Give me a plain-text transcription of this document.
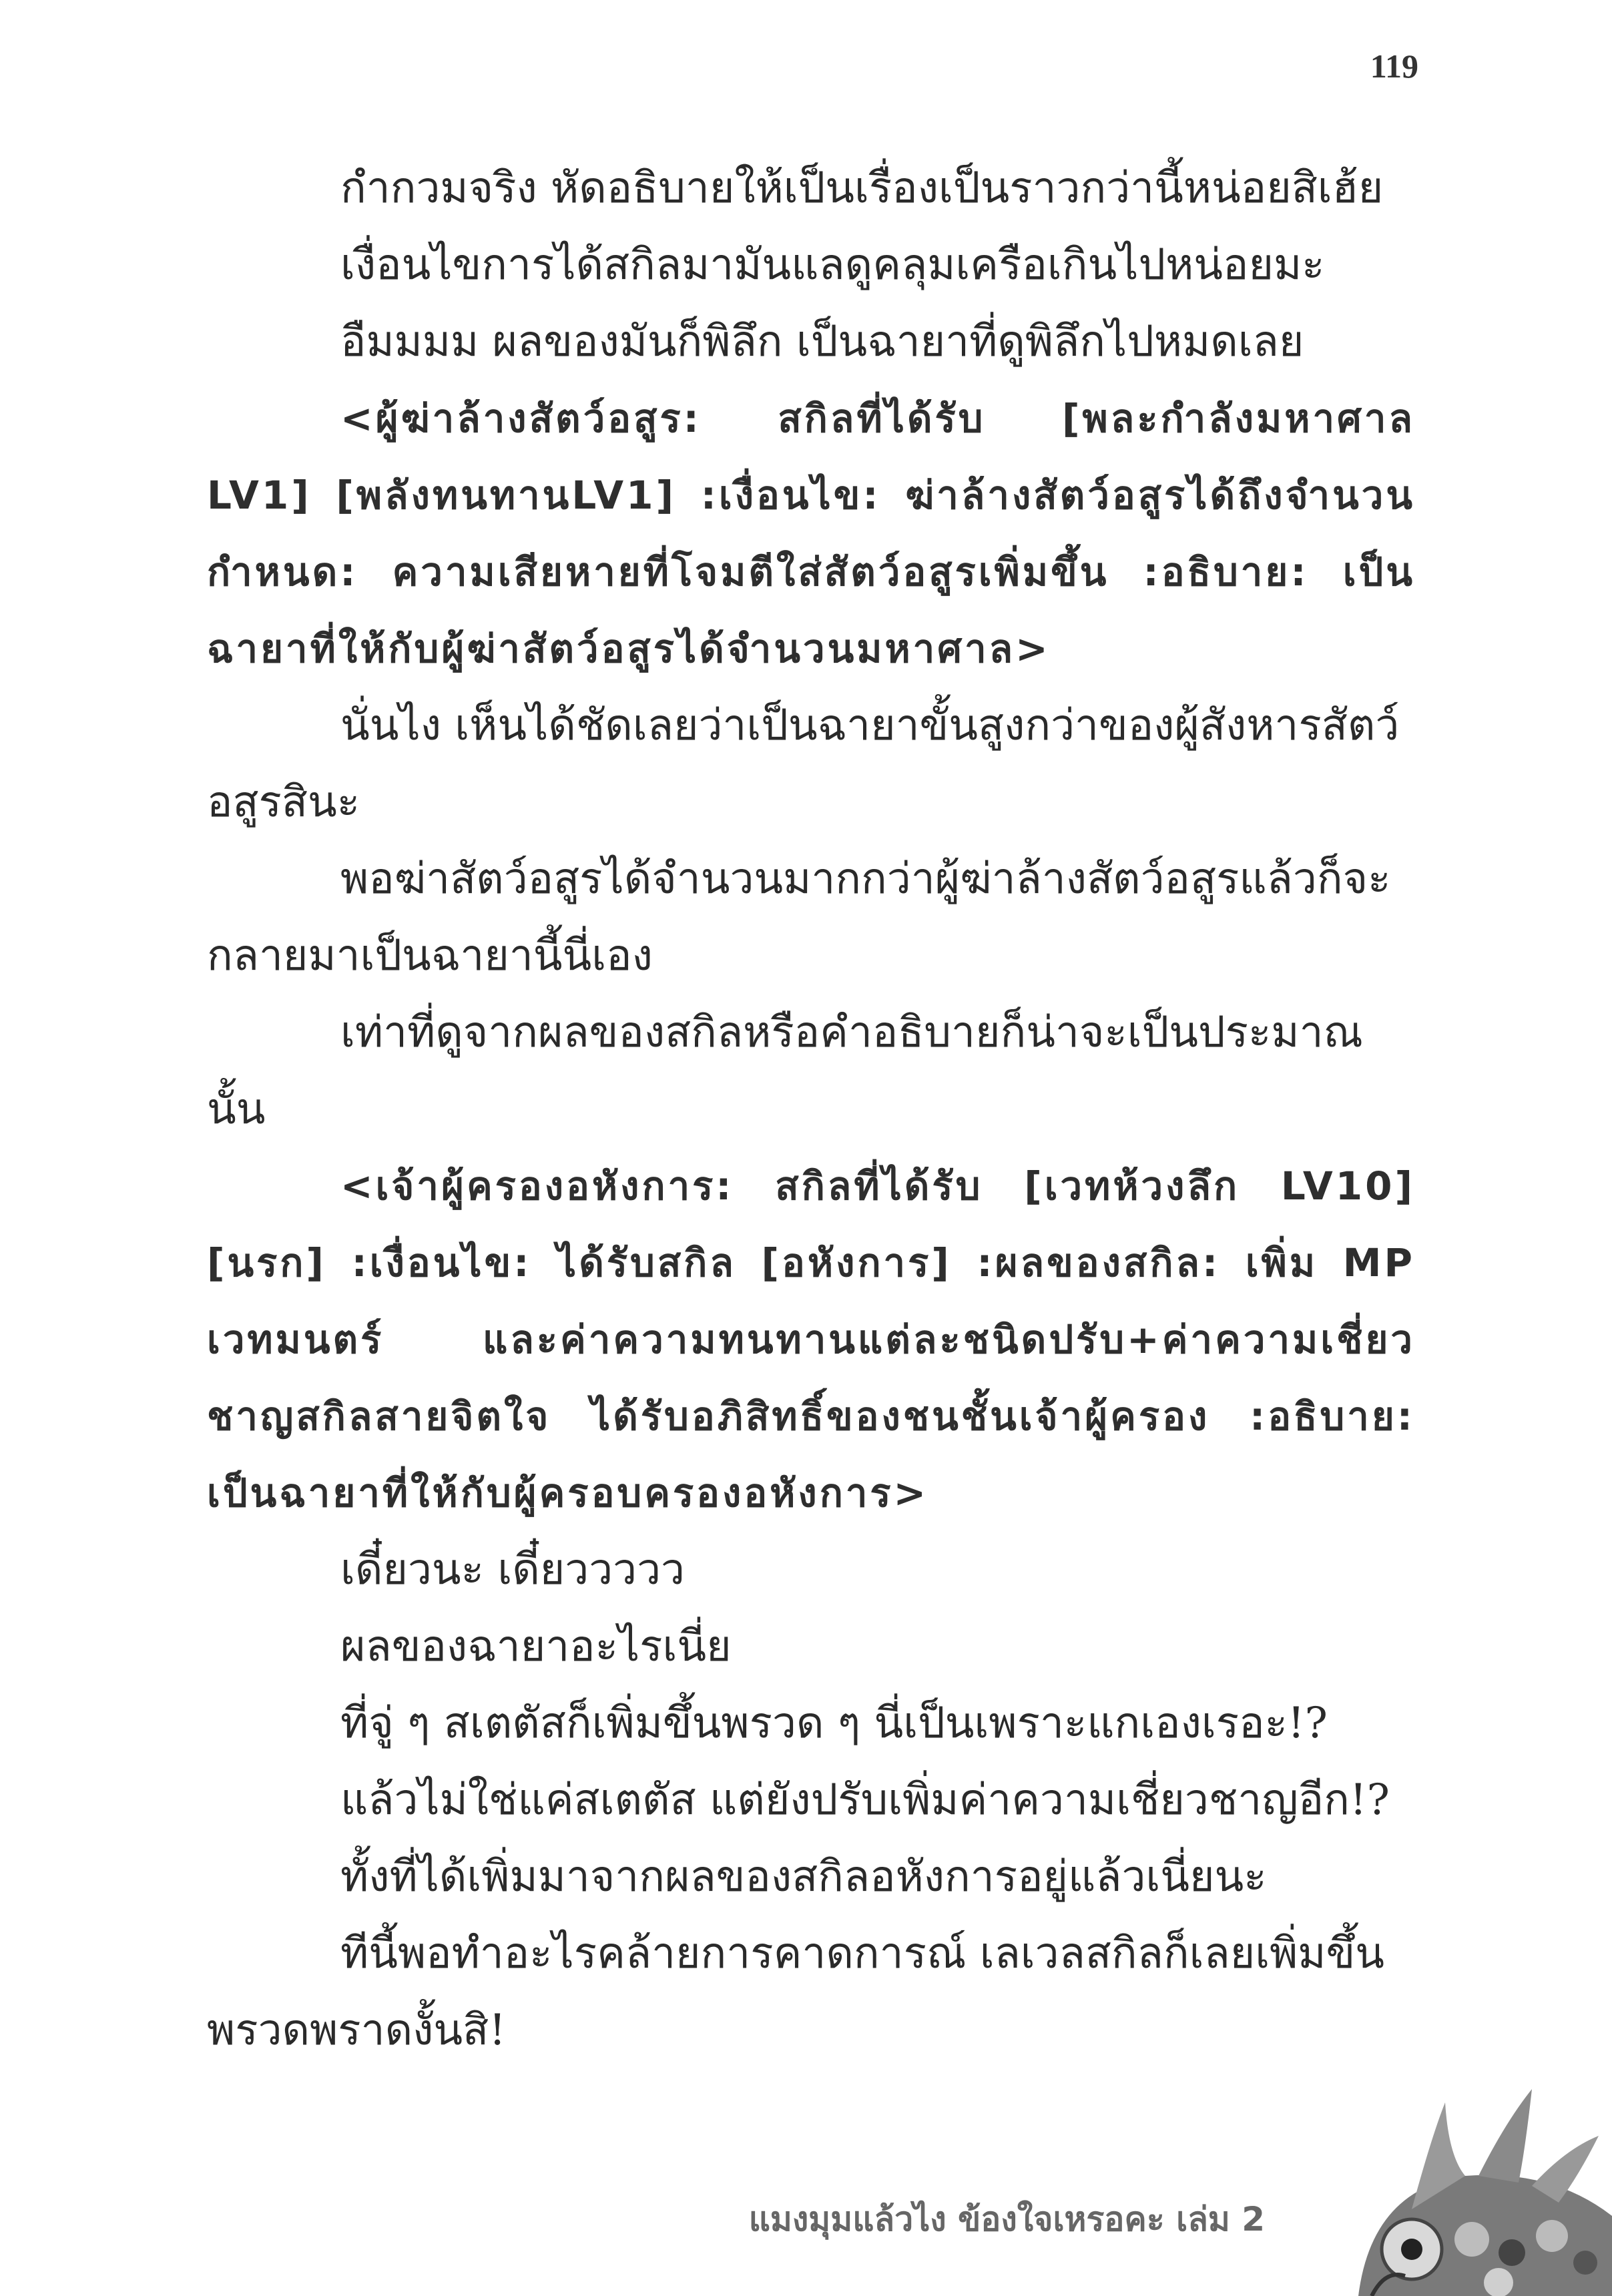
119

กำกวมจริง หัดอธิบายให้เป็นเรื่องเป็นราวกว่านี้หน่อยสิเฮ้ย

เงื่อนไขการได้สกิลมามันแลดูคลุมเครือเกินไปหน่อยมะ

อืมมมม ผลของมันก็พิลึก เป็นฉายาที่ดูพิลึกไปหมดเลย

<ผู้ฆ่าล้างสัตว์อสูร: สกิลที่ได้รับ [พละกำลังมหาศาล LV1] [พลังทนทานLV1] :เงื่อนไข: ฆ่าล้างสัตว์อสูรได้ถึงจำนวนกำหนด: ความเสียหายที่โจมตีใส่สัตว์อสูรเพิ่มขึ้น :อธิบาย: เป็นฉายาที่ให้กับผู้ฆ่าสัตว์อสูรได้จำนวนมหาศาล>

นั่นไง เห็นได้ชัดเลยว่าเป็นฉายาขั้นสูงกว่าของผู้สังหารสัตว์อสูรสินะ

พอฆ่าสัตว์อสูรได้จำนวนมากกว่าผู้ฆ่าล้างสัตว์อสูรแล้วก็จะกลายมาเป็นฉายานี้นี่เอง

เท่าที่ดูจากผลของสกิลหรือคำอธิบายก็น่าจะเป็นประมาณนั้น

<เจ้าผู้ครองอหังการ: สกิลที่ได้รับ [เวทห้วงลึก LV10] [นรก] :เงื่อนไข: ได้รับสกิล [อหังการ] :ผลของสกิล: เพิ่ม MP เวทมนตร์ และค่าความทนทานแต่ละชนิดปรับ+ค่าความเชี่ยวชาญสกิลสายจิตใจ ได้รับอภิสิทธิ์ของชนชั้นเจ้าผู้ครอง :อธิบาย: เป็นฉายาที่ให้กับผู้ครอบครองอหังการ>

เดี๋ยวนะ เดี๋ยววววว

ผลของฉายาอะไรเนี่ย

ที่จู่ ๆ สเตตัสก็เพิ่มขึ้นพรวด ๆ นี่เป็นเพราะแกเองเรอะ!?

แล้วไม่ใช่แค่สเตตัส แต่ยังปรับเพิ่มค่าความเชี่ยวชาญอีก!?

ทั้งที่ได้เพิ่มมาจากผลของสกิลอหังการอยู่แล้วเนี่ยนะ

ทีนี้พอทำอะไรคล้ายการคาดการณ์ เลเวลสกิลก็เลยเพิ่มขึ้นพรวดพราดงั้นสิ!

แมงมุมแล้วไง ข้องใจเหรอคะ เล่ม 2
